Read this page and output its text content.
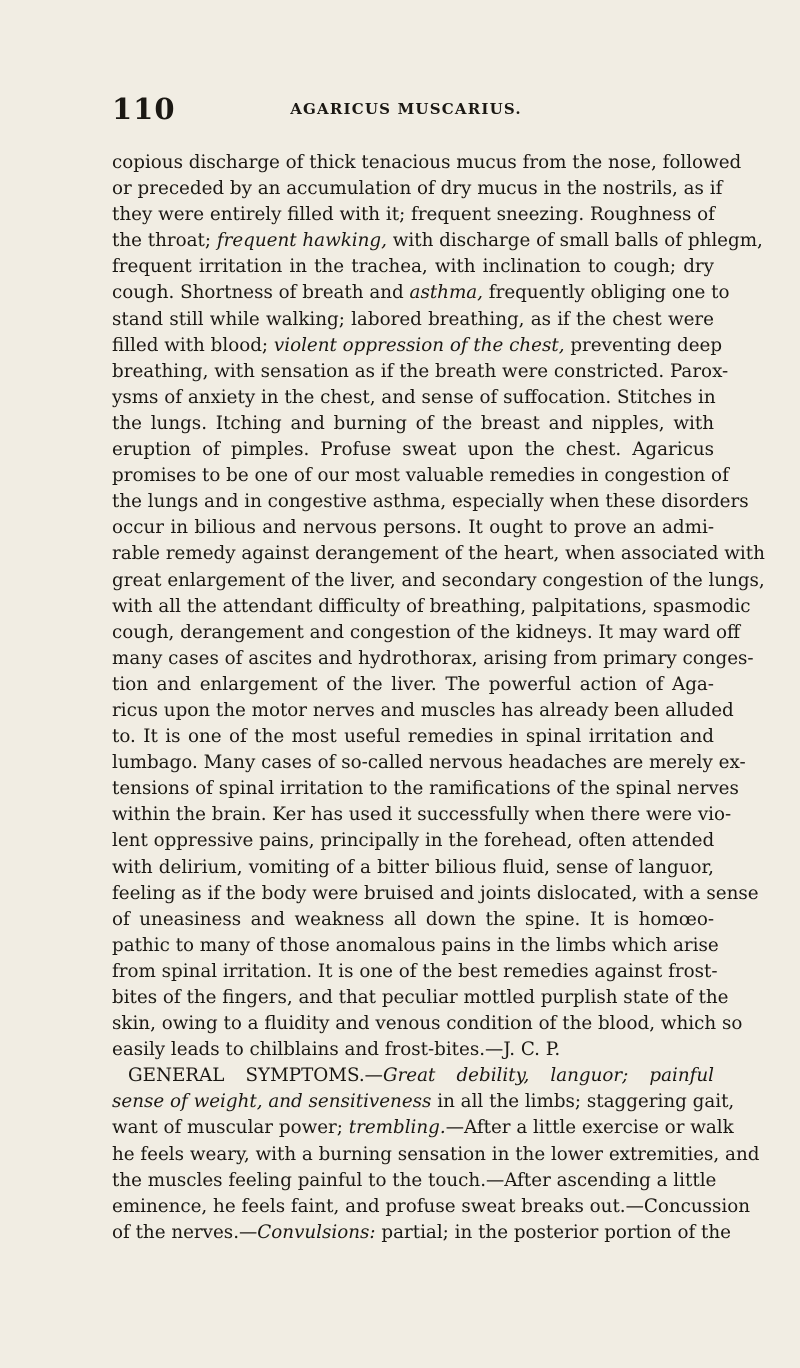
110	AGARICUS MUSCARIUS.
copious discharge of thick tenacious mucus from the nose, followed
or preceded by an accumulation of dry mucus in the nostrils, as if
they were entirely filled with it; frequent sneezing. Roughness of
the throat; frequent hawking, with discharge of small balls of phlegm,
frequent irritation in the trachea, with inclination to cough; dry
cough. Shortness of breath and asthma, frequently obliging one to
stand still while walking; labored breathing, as if the chest were
filled with blood; violent oppression of the chest, preventing deep
breathing, with sensation as if the breath were constricted. Parox-
ysms of anxiety in the chest, and sense of suffocation. Stitches in
the lungs. Itching and burning of the breast and nipples, with
eruption of pimples. Profuse sweat upon the chest. Agaricus
promises to be one of our most valuable remedies in congestion of
the lungs and in congestive asthma, especially when these disorders
occur in bilious and nervous persons. It ought to prove an admi-
rable remedy against derangement of the heart, when associated with
great enlargement of the liver, and secondary congestion of the lungs,
with all the attendant difficulty of breathing, palpitations, spasmodic
cough, derangement and congestion of the kidneys. It may ward off
many cases of ascites and hydrothorax, arising from primary conges-
tion and enlargement of the liver. The powerful action of Aga-
ricus upon the motor nerves and muscles has already been alluded
to. It is one of the most useful remedies in spinal irritation and
lumbago. Many cases of so-called nervous headaches are merely ex-
tensions of spinal irritation to the ramifications of the spinal nerves
within the brain. Ker has used it successfully when there were vio-
lent oppressive pains, principally in the forehead, often attended
with delirium, vomiting of a bitter bilious fluid, sense of languor,
feeling as if the body were bruised and joints dislocated, with a sense
of uneasiness and weakness all down the spine. It is homœo-
pathic to many of those anomalous pains in the limbs which arise
from spinal irritation. It is one of the best remedies against frost-
bites of the fingers, and that peculiar mottled purplish state of the
skin, owing to a fluidity and venous condition of the blood, which so
easily leads to chilblains and frost-bites.—J. C. P.
GENERAL SYMPTOMS.—Great debility, languor; painful
sense of weight, and sensitiveness in all the limbs; staggering gait,
want of muscular power; trembling.—After a little exercise or walk
he feels weary, with a burning sensation in the lower extremities, and
the muscles feeling painful to the touch.—After ascending a little
eminence, he feels faint, and profuse sweat breaks out.—Concussion
of the nerves.—Convulsions: partial; in the posterior portion of the
